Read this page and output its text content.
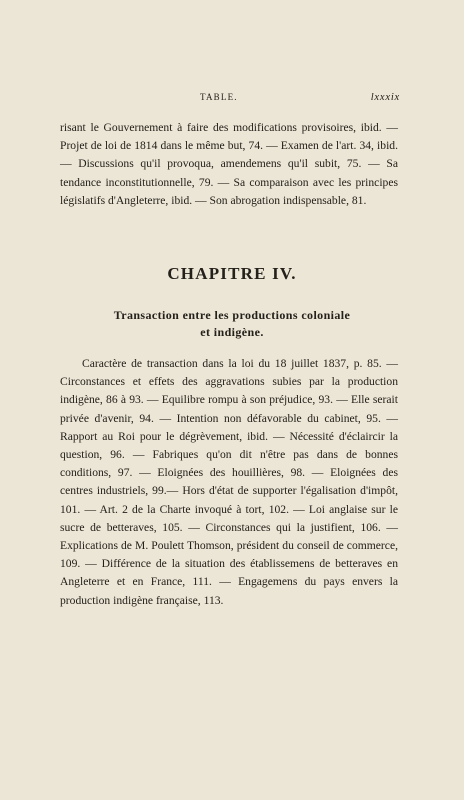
TABLE.	lxxxix

risant le Gouvernement à faire des modifications provisoires, ibid. — Projet de loi de 1814 dans le même but, 74. — Examen de l'art. 34, ibid. — Discussions qu'il provoqua, amendemens qu'il subit, 75. — Sa tendance inconstitutionnelle, 79. — Sa comparaison avec les principes législatifs d'Angleterre, ibid. — Son abrogation indispensable, 81.

CHAPITRE IV.
Transaction entre les productions coloniale
et indigène.

Caractère de transaction dans la loi du 18 juillet 1837, p. 85. — Circonstances et effets des aggravations subies par la production indigène, 86 à 93. — Equilibre rompu à son préjudice, 93. — Elle serait privée d'avenir, 94. — Intention non défavorable du cabinet, 95. — Rapport au Roi pour le dégrèvement, ibid. — Nécessité d'éclaircir la question, 96. — Fabriques qu'on dit n'être pas dans de bonnes conditions, 97. — Eloignées des houillières, 98. — Eloignées des centres industriels, 99.— Hors d'état de supporter l'égalisation d'impôt, 101. — Art. 2 de la Charte invoqué à tort, 102. — Loi anglaise sur le sucre de betteraves, 105. — Circonstances qui la justifient, 106. — Explications de M. Poulett Thomson, président du conseil de commerce, 109. — Différence de la situation des établissemens de betteraves en Angleterre et en France, 111. — Engagemens du pays envers la production indigène française, 113.
